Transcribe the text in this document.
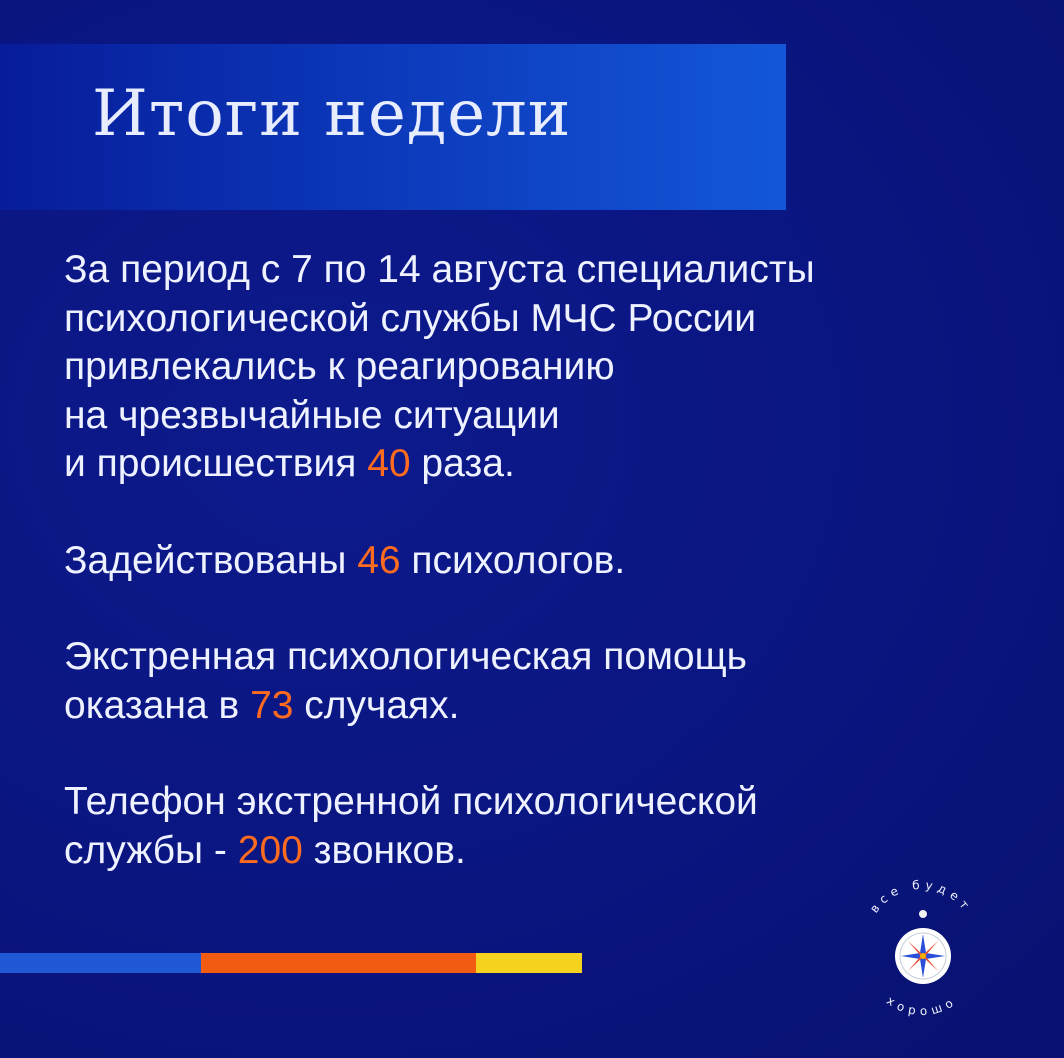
Итоги недели
За период с 7 по 14 августа специалисты
психологической службы МЧС России
привлекались к реагированию
на чрезвычайные ситуации
и происшествия 40 раза.
Задействованы 46 психологов.
Экстренная психологическая помощь
оказана в 73 случаях.
Телефон экстренной психологической
службы - 200 звонков.
все будет
хорошо
